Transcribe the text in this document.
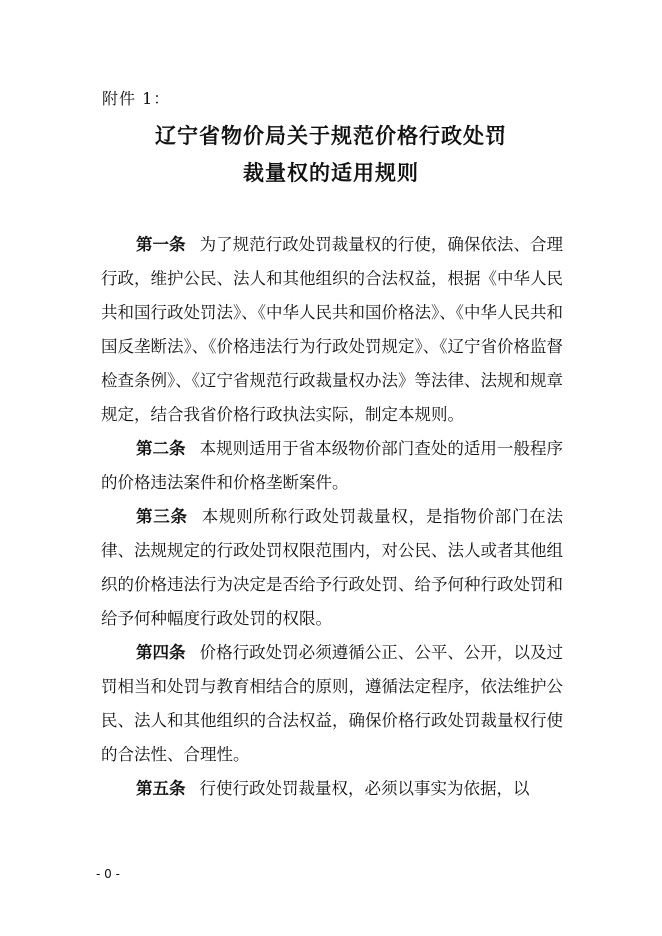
附件 1：
辽宁省物价局关于规范价格行政处罚
裁量权的适用规则

第一条 为了规范行政处罚裁量权的行使，确保依法、合理行政，维护公民、法人和其他组织的合法权益，根据《中华人民共和国行政处罚法》、《中华人民共和国价格法》、《中华人民共和国反垄断法》、《价格违法行为行政处罚规定》、《辽宁省价格监督检查条例》、《辽宁省规范行政裁量权办法》等法律、法规和规章规定，结合我省价格行政执法实际，制定本规则。

第二条 本规则适用于省本级物价部门查处的适用一般程序的价格违法案件和价格垄断案件。

第三条 本规则所称行政处罚裁量权，是指物价部门在法律、法规规定的行政处罚权限范围内，对公民、法人或者其他组织的价格违法行为决定是否给予行政处罚、给予何种行政处罚和给予何种幅度行政处罚的权限。

第四条 价格行政处罚必须遵循公正、公平、公开，以及过罚相当和处罚与教育相结合的原则，遵循法定程序，依法维护公民、法人和其他组织的合法权益，确保价格行政处罚裁量权行使的合法性、合理性。

第五条 行使行政处罚裁量权，必须以事实为依据，以

- 0 -
